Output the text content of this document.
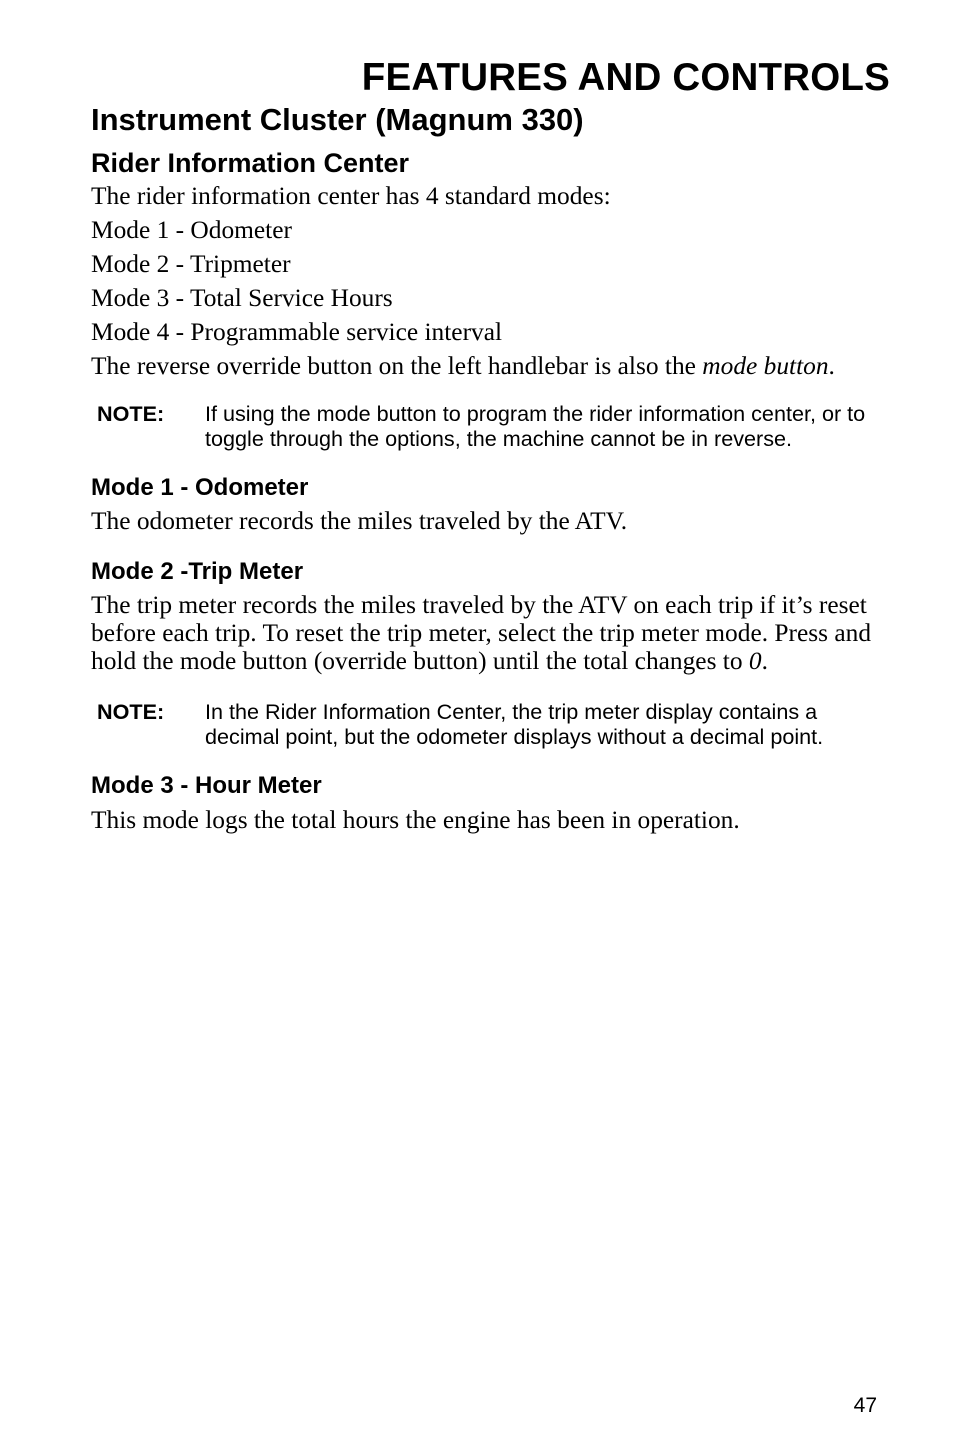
FEATURES AND CONTROLS
Instrument Cluster (Magnum 330)
Rider Information Center

The rider information center has 4 standard modes:

Mode 1 - Odometer

Mode 2 - Tripmeter

Mode 3 - Total Service Hours

Mode 4 - Programmable service interval

The reverse override button on the left handlebar is also the mode button.

NOTE:	If using the mode button to program the rider information center, or to toggle through the options, the machine cannot be in reverse.
Mode 1 - Odometer

The odometer records the miles traveled by the ATV.

Mode 2 -Trip Meter

The trip meter records the miles traveled by the ATV on each trip if it’s reset before each trip. To reset the trip meter, select the trip meter mode. Press and hold the mode button (override button) until the total changes to 0.

NOTE:	In the Rider Information Center, the trip meter display contains a decimal point, but the odometer displays without a decimal point.
Mode 3 - Hour Meter

This mode logs the total hours the engine has been in operation.

47
